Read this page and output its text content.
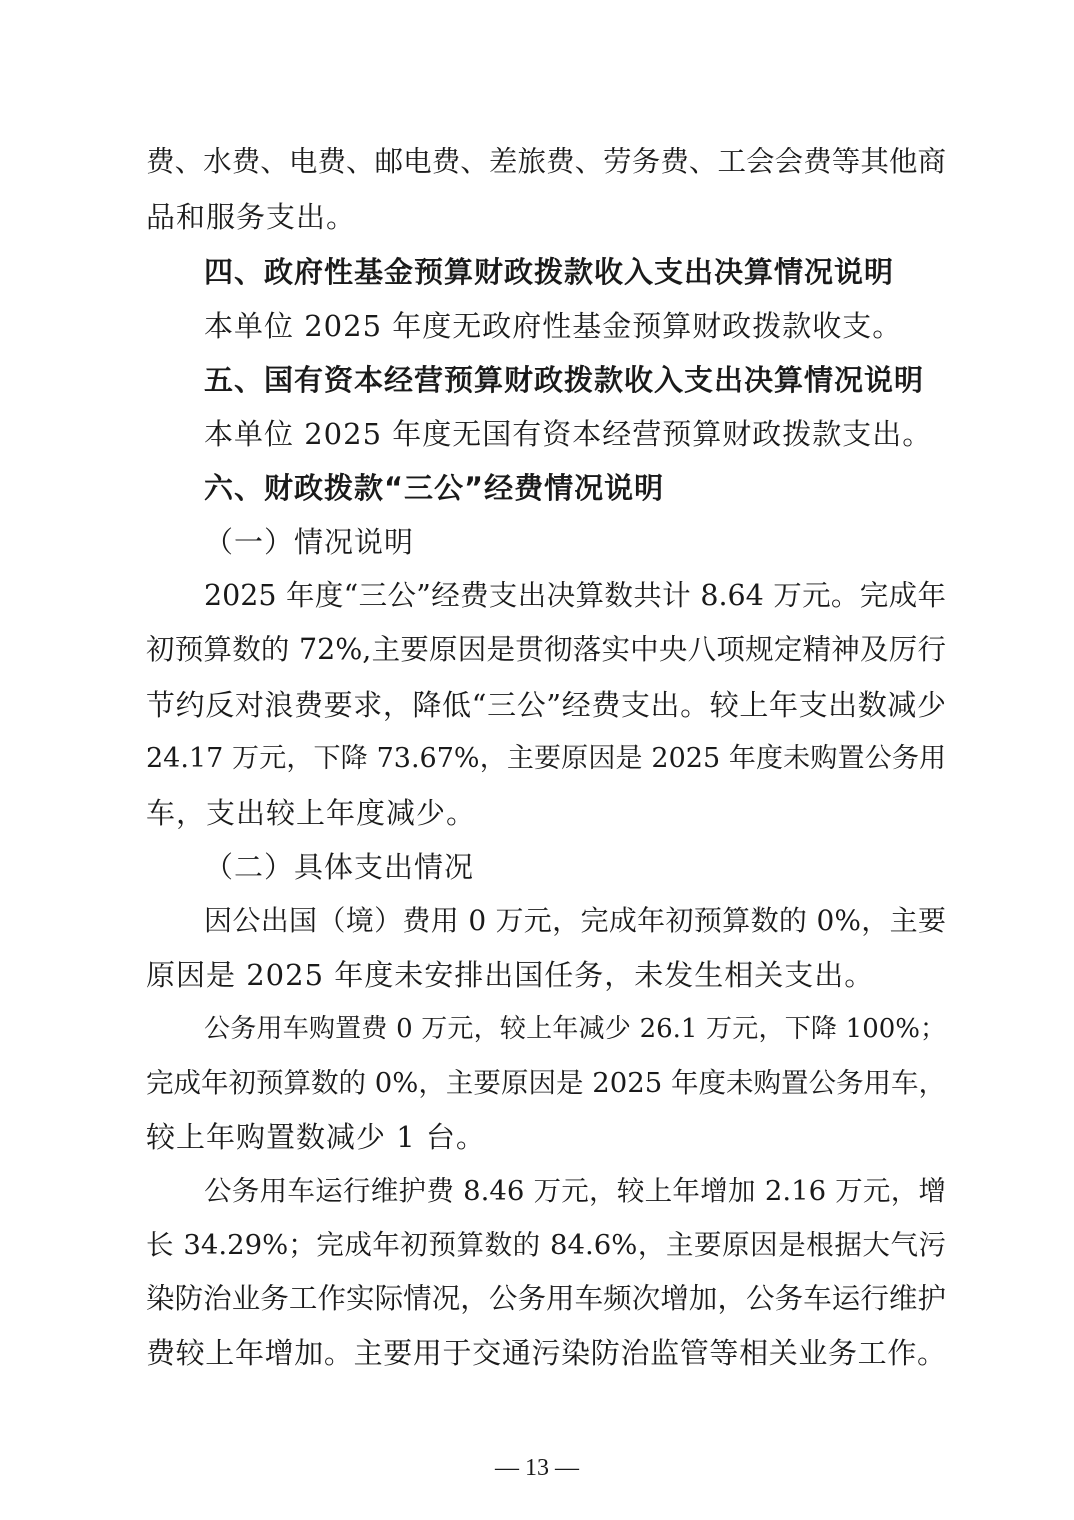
费、水费、电费、邮电费、差旅费、劳务费、工会会费等其他商
品和服务支出。
四、政府性基金预算财政拨款收入支出决算情况说明
本单位 2025 年度无政府性基金预算财政拨款收支。
五、国有资本经营预算财政拨款收入支出决算情况说明
本单位 2025 年度无国有资本经营预算财政拨款支出。
六、财政拨款“三公”经费情况说明
（一）情况说明
2025 年度“三公”经费支出决算数共计 8.64 万元。完成年
初预算数的 72%,主要原因是贯彻落实中央八项规定精神及厉行
节约反对浪费要求，降低“三公”经费支出。较上年支出数减少
24.17 万元，下降 73.67%，主要原因是 2025 年度未购置公务用
车，支出较上年度减少。
（二）具体支出情况
因公出国（境）费用 0 万元，完成年初预算数的 0%，主要
原因是 2025 年度未安排出国任务，未发生相关支出。
公务用车购置费 0 万元，较上年减少 26.1 万元，下降 100%；
完成年初预算数的 0%，主要原因是 2025 年度未购置公务用车，
较上年购置数减少 1 台。
公务用车运行维护费 8.46 万元，较上年增加 2.16 万元，增
长 34.29%；完成年初预算数的 84.6%，主要原因是根据大气污
染防治业务工作实际情况，公务用车频次增加，公务车运行维护
费较上年增加。主要用于交通污染防治监管等相关业务工作。
— 13 —
